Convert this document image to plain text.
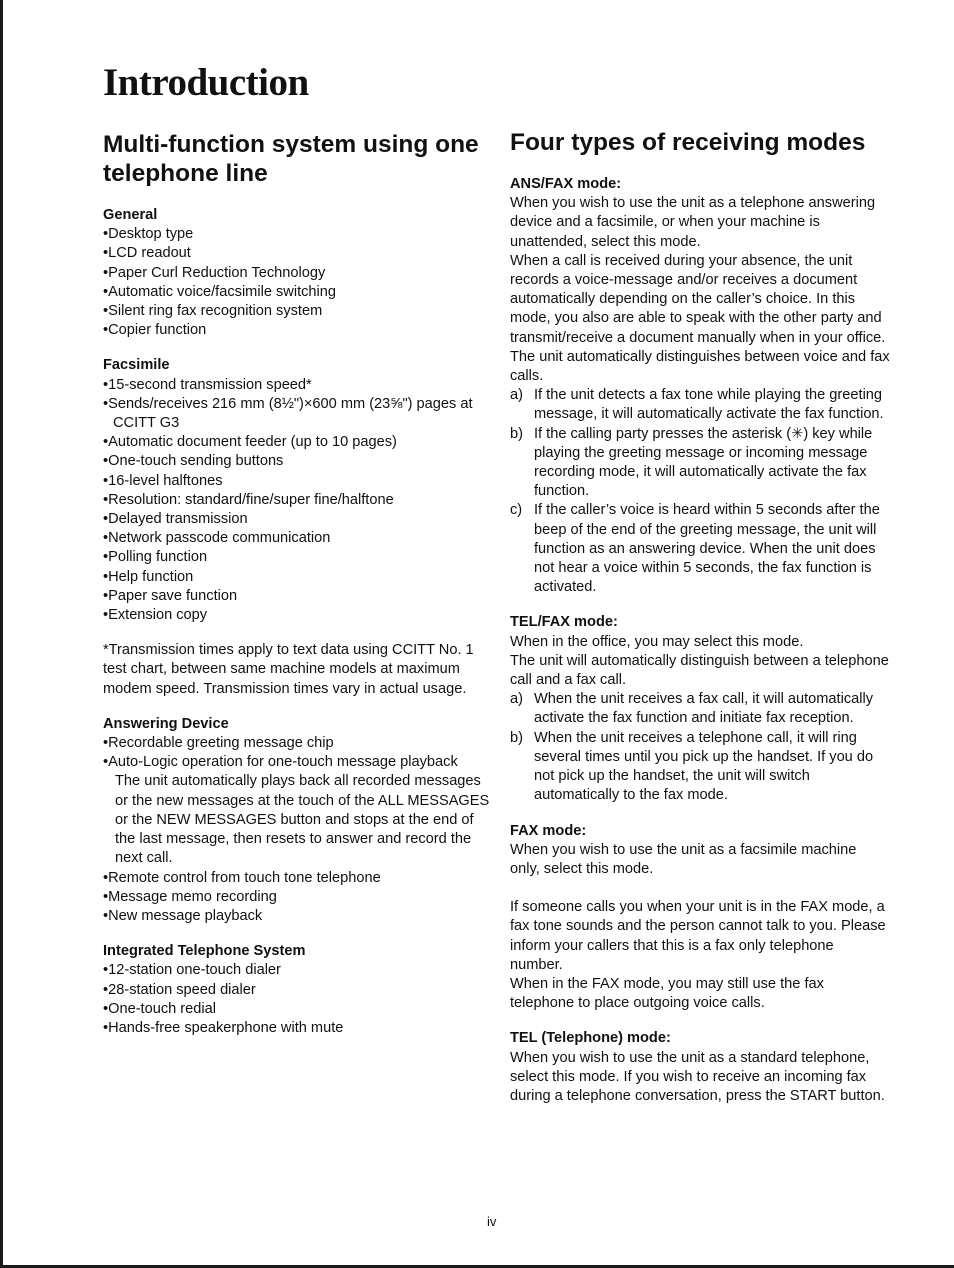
Introduction
Multi-function system using one telephone line

General

• Desktop type
• LCD readout
• Paper Curl Reduction Technology
• Automatic voice/facsimile switching
• Silent ring fax recognition system
• Copier function

Facsimile

• 15-second transmission speed*
• Sends/receives 216 mm (8½")×600 mm (23⅝") pages at CCITT G3
• Automatic document feeder (up to 10 pages)
• One-touch sending buttons
• 16-level halftones
• Resolution: standard/fine/super fine/halftone
• Delayed transmission
• Network passcode communication
• Polling function
• Help function
• Paper save function
• Extension copy

*Transmission times apply to text data using CCITT No. 1 test chart, between same machine models at maximum modem speed. Transmission times vary in actual usage.

Answering Device

• Recordable greeting message chip
• Auto-Logic operation for one-touch message playback

The unit automatically plays back all recorded messages or the new messages at the touch of the ALL MESSAGES or the NEW MESSAGES button and stops at the end of the last message, then resets to answer and record the next call.

• Remote control from touch tone telephone
• Message memo recording
• New message playback

Integrated Telephone System

• 12-station one-touch dialer
• 28-station speed dialer
• One-touch redial
• Hands-free speakerphone with mute
Four types of receiving modes

ANS/FAX mode:

When you wish to use the unit as a telephone answering device and a facsimile, or when your machine is unattended, select this mode.

When a call is received during your absence, the unit records a voice-message and/or receives a document automatically depending on the caller’s choice. In this mode, you also are able to speak with the other party and transmit/receive a document manually when in your office.

The unit automatically distinguishes between voice and fax calls.

a) If the unit detects a fax tone while playing the greeting message, it will automatically activate the fax function.
b) If the calling party presses the asterisk (✳) key while playing the greeting message or incoming message recording mode, it will automatically activate the fax function.
c) If the caller’s voice is heard within 5 seconds after the beep of the end of the greeting message, the unit will function as an answering device. When the unit does not hear a voice within 5 seconds, the fax function is activated.

TEL/FAX mode:

When in the office, you may select this mode.

The unit will automatically distinguish between a telephone call and a fax call.

a) When the unit receives a fax call, it will automatically activate the fax function and initiate fax reception.
b) When the unit receives a telephone call, it will ring several times until you pick up the handset. If you do not pick up the handset, the unit will switch automatically to the fax mode.

FAX mode:

When you wish to use the unit as a facsimile machine only, select this mode.

If someone calls you when your unit is in the FAX mode, a fax tone sounds and the person cannot talk to you. Please inform your callers that this is a fax only telephone number.

When in the FAX mode, you may still use the fax telephone to place outgoing voice calls.

TEL (Telephone) mode:

When you wish to use the unit as a standard telephone, select this mode. If you wish to receive an incoming fax during a telephone conversation, press the START button.

iv
